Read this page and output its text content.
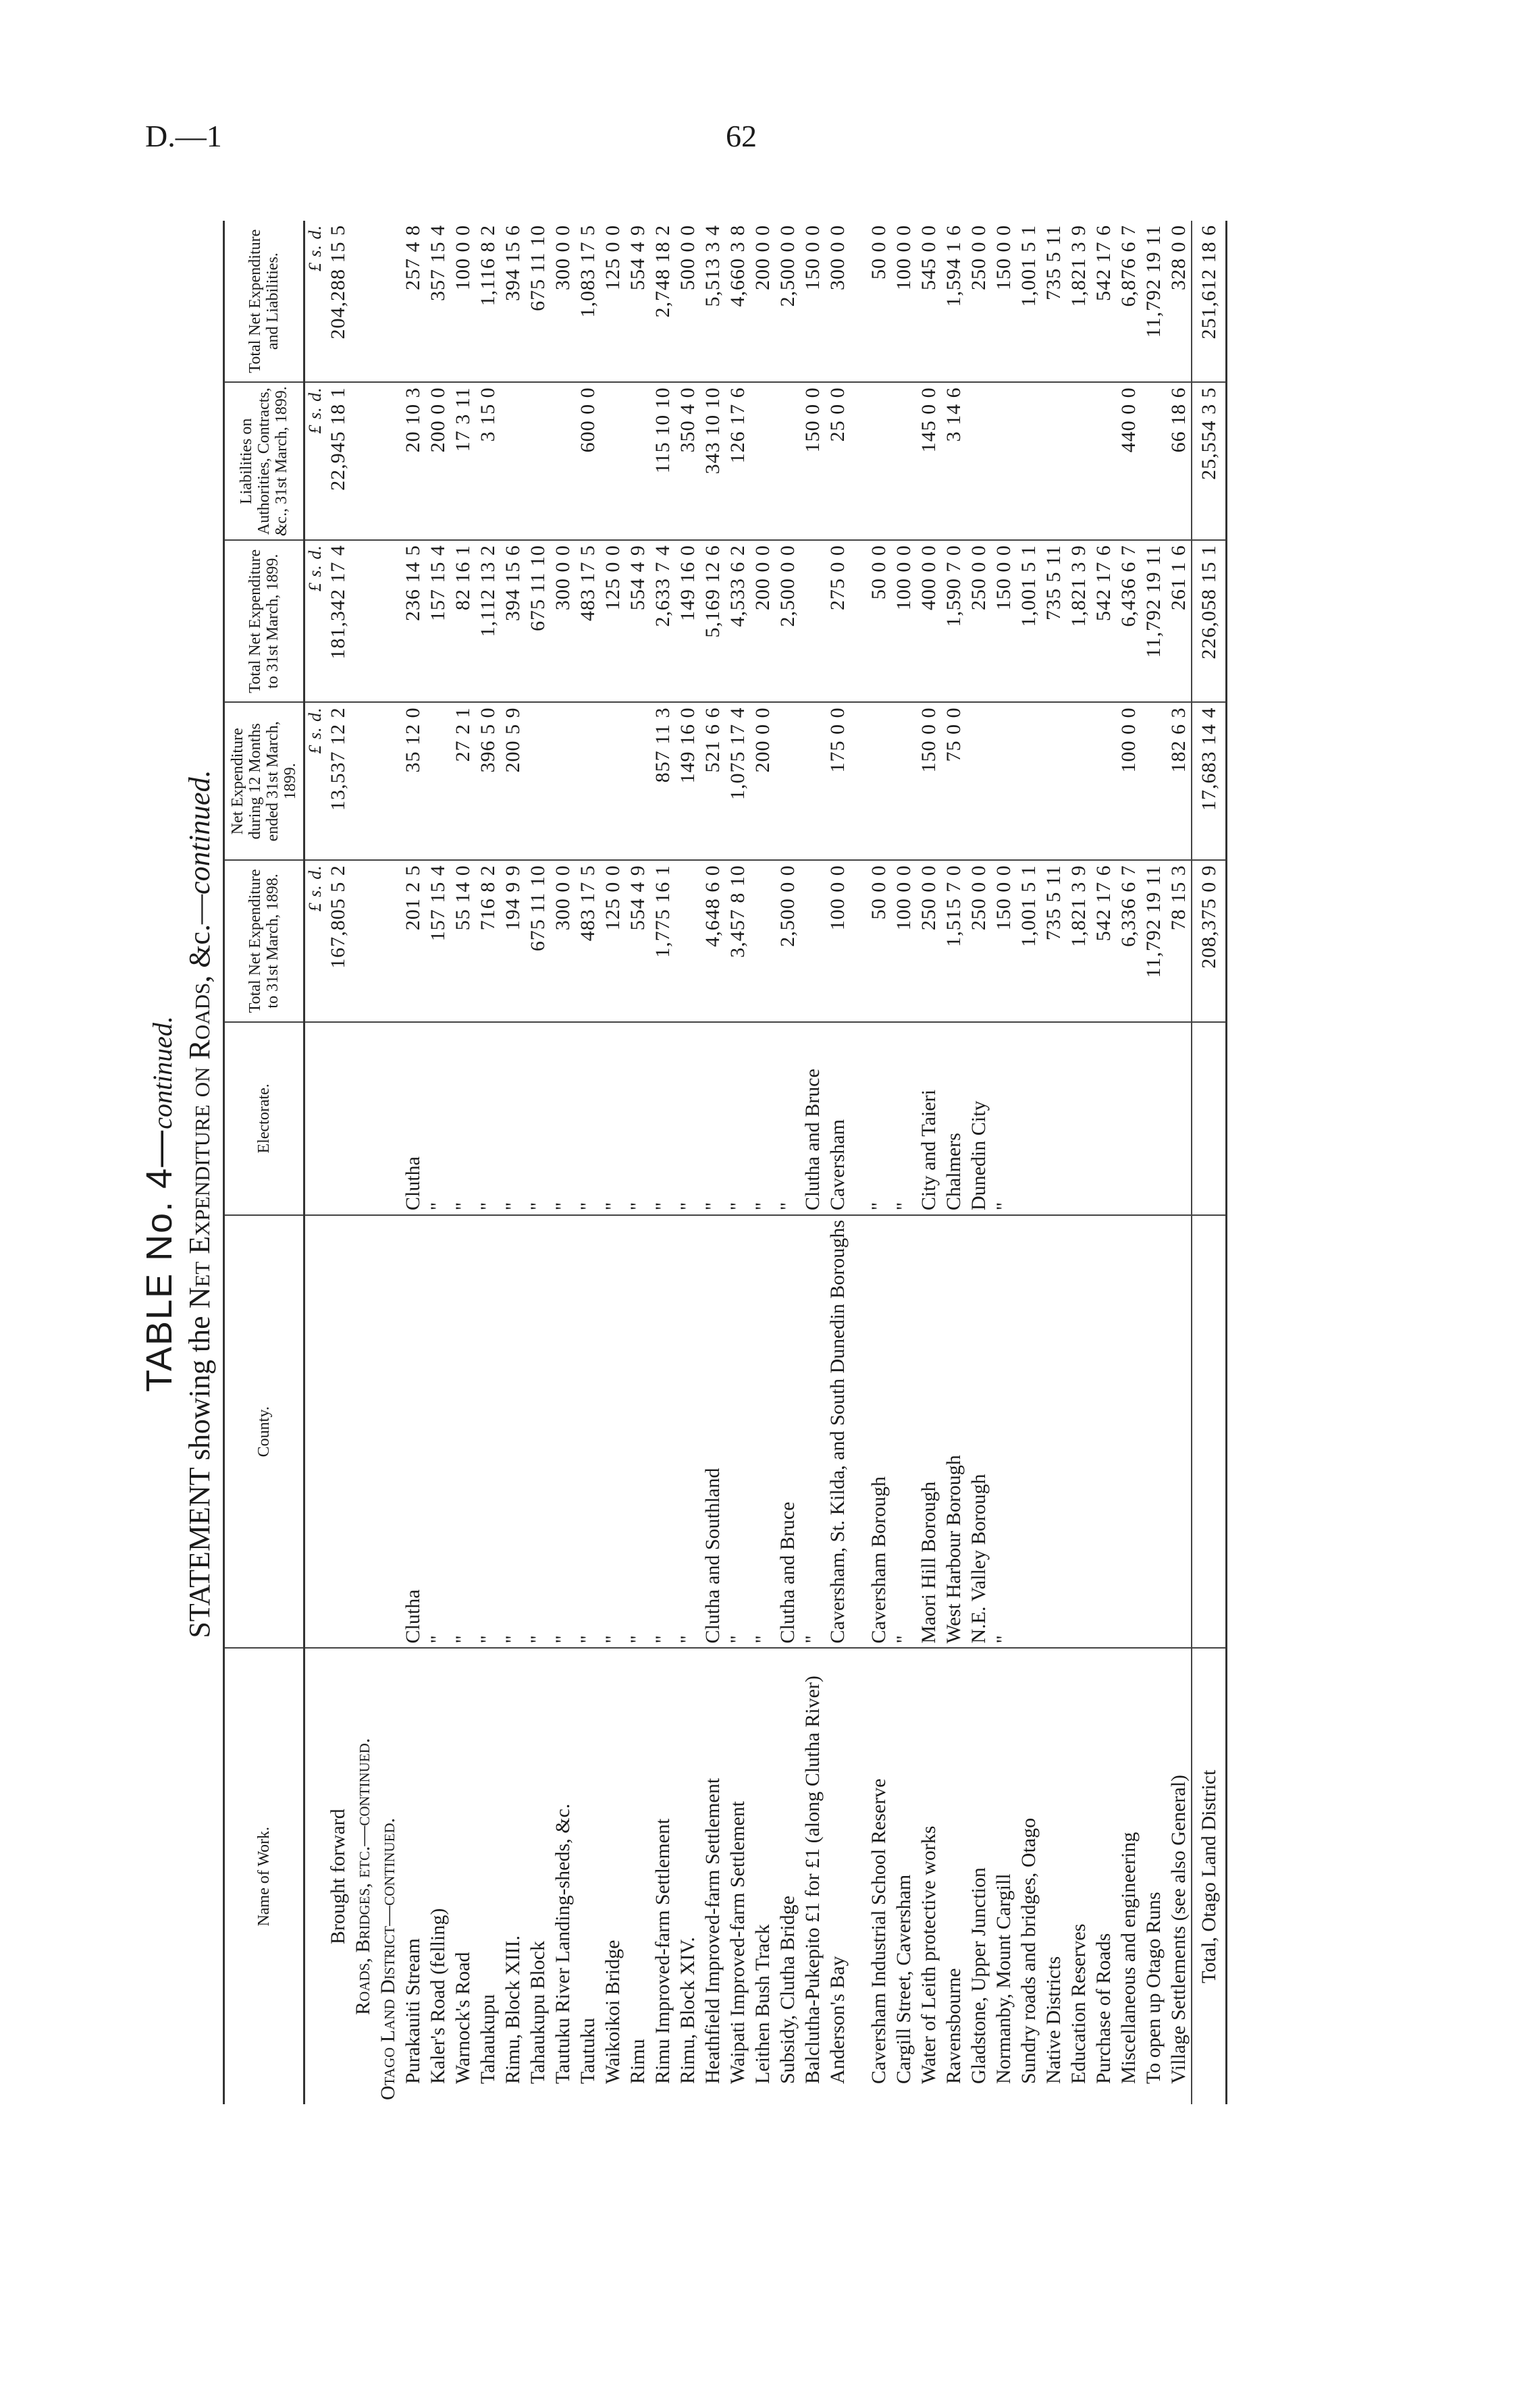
D.—1	62
TABLE No. 4—continued.
STATEMENT showing the Net Expenditure on Roads, &c.—continued.
Name of Work.	County.	Electorate.	Total Net Expenditure to 31st March, 1898.	Net Expenditure during 12 Months ended 31st March, 1899.	Total Net Expenditure to 31st March, 1899.	Liabilities on Authorities, Contracts, &c., 31st March, 1899.	Total Net Expenditure and Liabilities.
			£ s. d.	£ s. d.	£ s. d.	£ s. d.	£ s. d.
Brought forward			167,805 5 2	13,537 12 2	181,342 17 4	22,945 18 1	204,288 15 5
Roads, Bridges, etc.—continued.							
Otago Land District—continued.							
Purakauiti Stream	Clutha	Clutha	201 2 5	35 12 0	236 14 5	20 10 3	257 4 8
Kaler's Road (felling)	"	"	157 15 4		157 15 4	200 0 0	357 15 4
Warnock's Road	"	"	55 14 0	27 2 1	82 16 1	17 3 11	100 0 0
Tahaukupu	"	"	716 8 2	396 5 0	1,112 13 2	3 15 0	1,116 8 2
Rimu, Block XIII.	"	"	194 9 9	200 5 9	394 15 6		394 15 6
Tahaukupu Block	"	"	675 11 10		675 11 10		675 11 10
Tautuku River Landing-sheds, &c.	"	"	300 0 0		300 0 0		300 0 0
Tautuku	"	"	483 17 5		483 17 5	600 0 0	1,083 17 5
Waikoikoi Bridge	"	"	125 0 0		125 0 0		125 0 0
Rimu	"	"	554 4 9		554 4 9		554 4 9
Rimu Improved-farm Settlement	"	"	1,775 16 1	857 11 3	2,633 7 4	115 10 10	2,748 18 2
Rimu, Block XIV.	"	"		149 16 0	149 16 0	350 4 0	500 0 0
Heathfield Improved-farm Settlement	Clutha and Southland	"	4,648 6 0	521 6 6	5,169 12 6	343 10 10	5,513 3 4
Waipati Improved-farm Settlement	"	"	3,457 8 10	1,075 17 4	4,533 6 2	126 17 6	4,660 3 8
Leithen Bush Track	"	"		200 0 0	200 0 0		200 0 0
Subsidy, Clutha Bridge	Clutha and Bruce	"	2,500 0 0		2,500 0 0		2,500 0 0
Balclutha-Pukepito £1 for £1 (along Clutha River)	"	Clutha and Bruce				150 0 0	150 0 0
Anderson's Bay	Caversham, St. Kilda, and South Dunedin Boroughs	Caversham	100 0 0	175 0 0	275 0 0	25 0 0	300 0 0

Caversham Industrial School Reserve	Caversham Borough	"	50 0 0		50 0 0		50 0 0
Cargill Street, Caversham	"	"	100 0 0		100 0 0		100 0 0
Water of Leith protective works	Maori Hill Borough	City and Taieri	250 0 0	150 0 0	400 0 0	145 0 0	545 0 0
Ravensbourne	West Harbour Borough	Chalmers	1,515 7 0	75 0 0	1,590 7 0	3 14 6	1,594 1 6
Gladstone, Upper Junction	N.E. Valley Borough	Dunedin City	250 0 0		250 0 0		250 0 0
Normanby, Mount Cargill	"	"	150 0 0		150 0 0		150 0 0
Sundry roads and bridges, Otago			1,001 5 1		1,001 5 1		1,001 5 1
Native Districts			735 5 11		735 5 11		735 5 11
Education Reserves			1,821 3 9		1,821 3 9		1,821 3 9
Purchase of Roads			542 17 6		542 17 6		542 17 6
Miscellaneous and engineering			6,336 6 7	100 0 0	6,436 6 7	440 0 0	6,876 6 7
To open up Otago Runs			11,792 19 11		11,792 19 11		11,792 19 11
Village Settlements (see also General)			78 15 3	182 6 3	261 1 6	66 18 6	328 0 0
Total, Otago Land District			208,375 0 9	17,683 14 4	226,058 15 1	25,554 3 5	251,612 18 6
